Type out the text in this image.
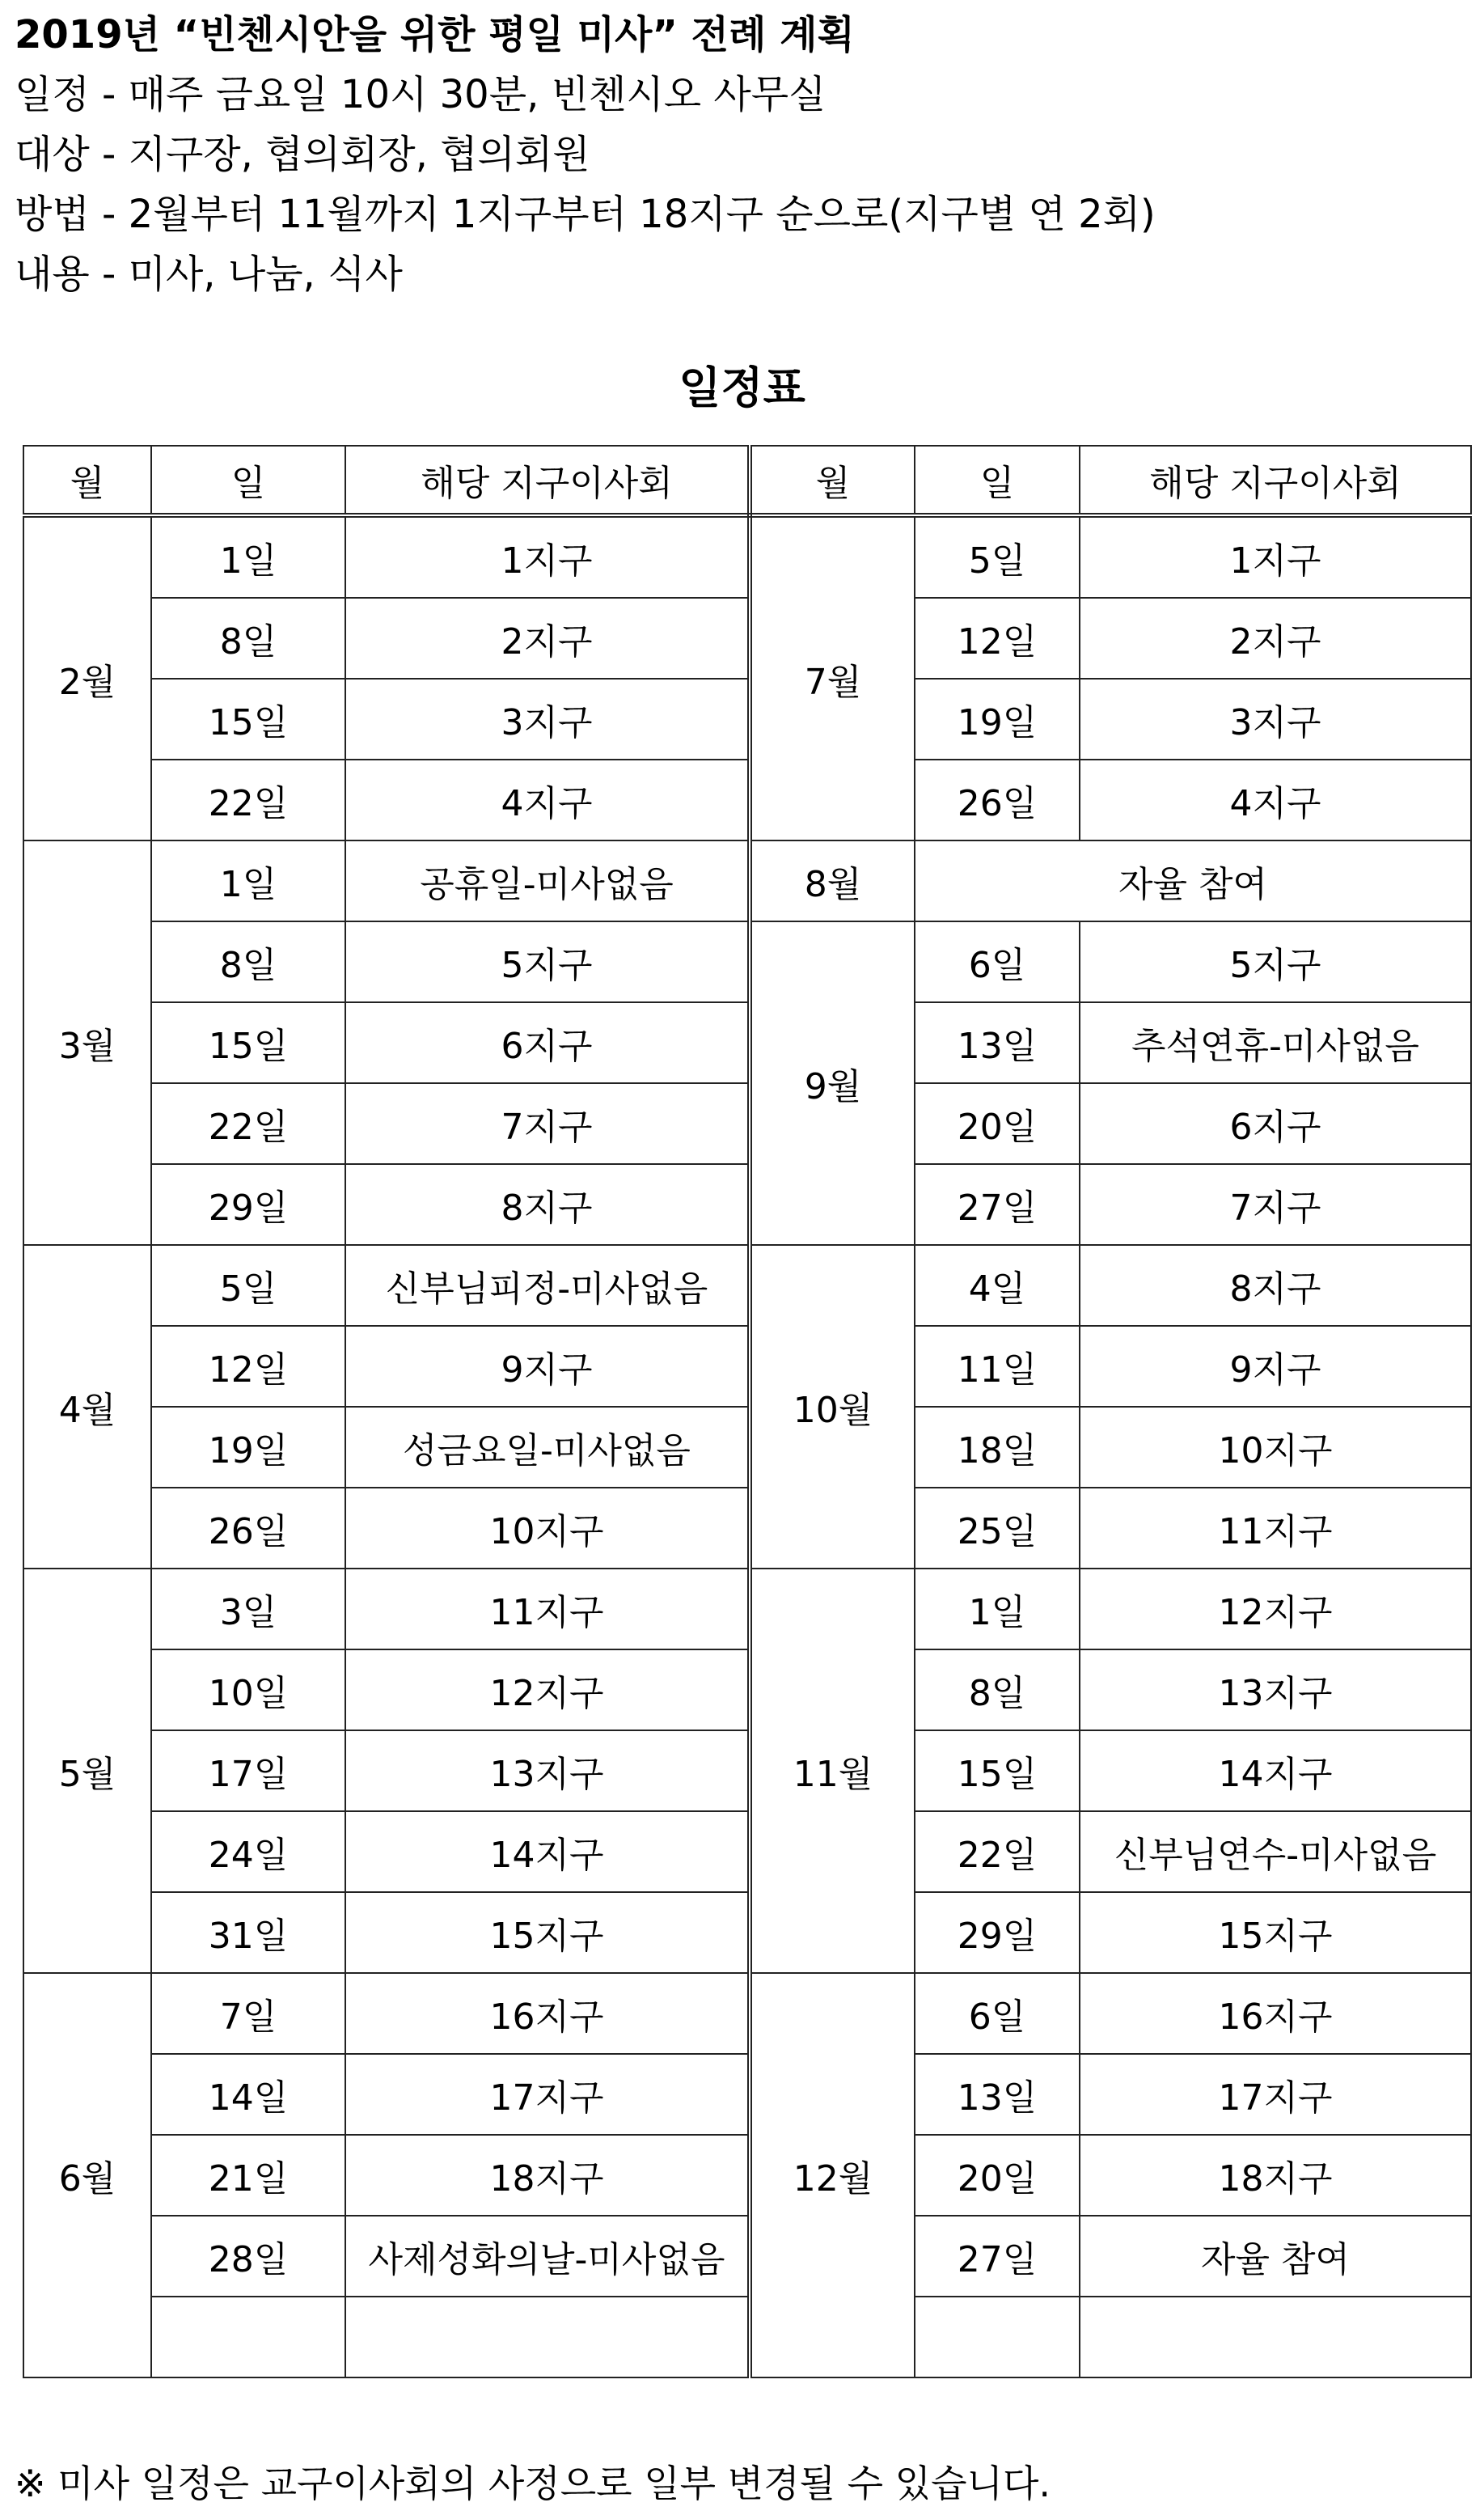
2019년 “빈첸시안을 위한 평일 미사” 전례 계획
일정 - 매주 금요일 10시 30분, 빈첸시오 사무실
대상 - 지구장, 협의회장, 협의회원
방법 - 2월부터 11월까지 1지구부터 18지구 순으로(지구별 연 2회)
내용 - 미사, 나눔, 식사
일정표
월	일	해당 지구이사회	월	일	해당 지구이사회
2월	1일	1지구	7월	5일	1지구
	8일	2지구		12일	2지구
	15일	3지구		19일	3지구
	22일	4지구		26일	4지구
3월	1일	공휴일-미사없음	8월	자율 참여	
	8일	5지구	9월	6일	5지구
	15일	6지구		13일	추석연휴-미사없음
	22일	7지구		20일	6지구
	29일	8지구		27일	7지구
4월	5일	신부님피정-미사없음	10월	4일	8지구
	12일	9지구		11일	9지구
	19일	성금요일-미사없음		18일	10지구
	26일	10지구		25일	11지구
5월	3일	11지구	11월	1일	12지구
	10일	12지구		8일	13지구
	17일	13지구		15일	14지구
	24일	14지구		22일	신부님연수-미사없음
	31일	15지구		29일	15지구
6월	7일	16지구	12월	6일	16지구
	14일	17지구		13일	17지구
	21일	18지구		20일	18지구
	28일	사제성화의날-미사없음		27일	자율 참여

※ 미사 일정은 교구이사회의 사정으로 일부 변경될 수 있습니다.
